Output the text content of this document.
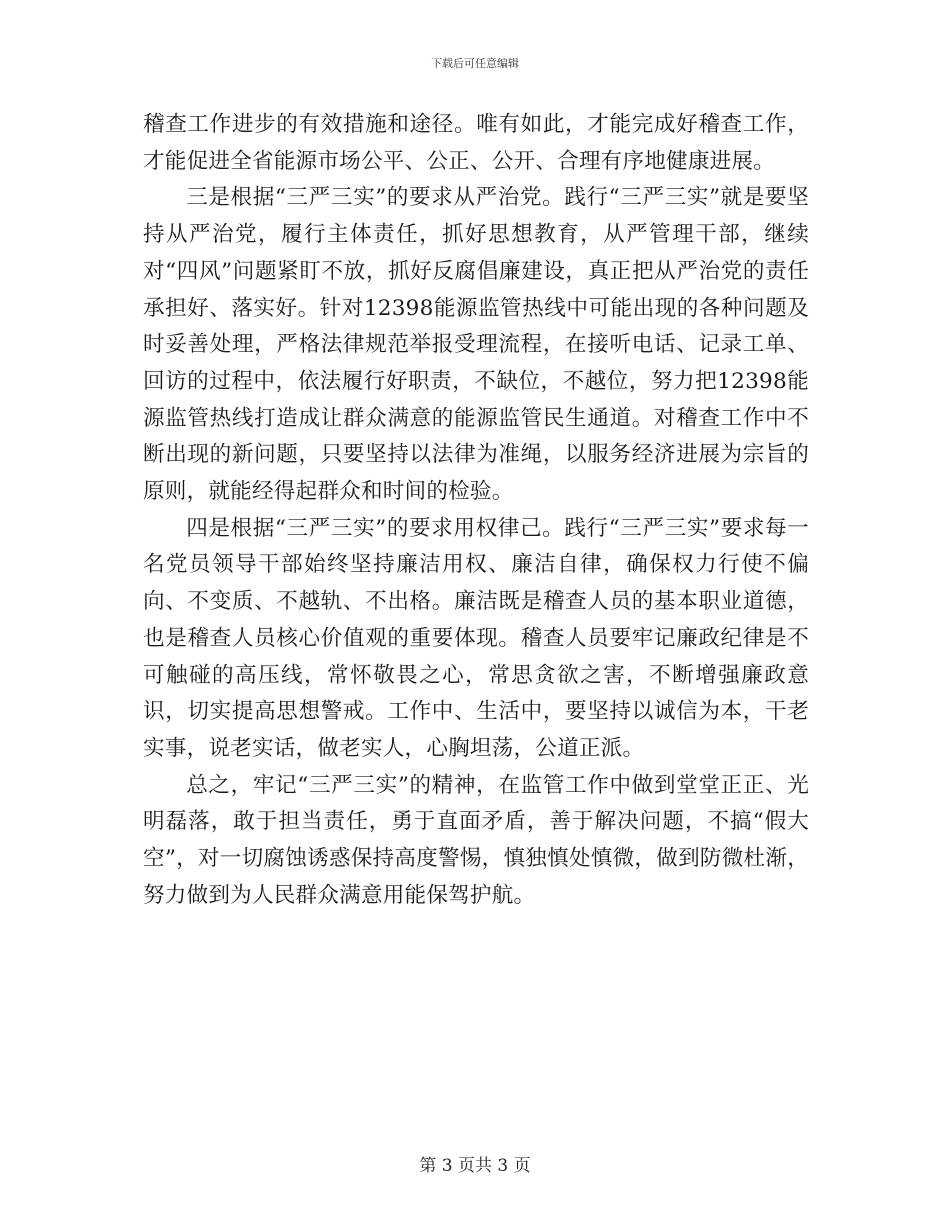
下载后可任意编辑

稽查工作进步的有效措施和途径。唯有如此，才能完成好稽查工作，才能促进全省能源市场公平、公正、公开、合理有序地健康进展。

三是根据“三严三实”的要求从严治党。践行“三严三实”就是要坚持从严治党，履行主体责任，抓好思想教育，从严管理干部，继续对“四风”问题紧盯不放，抓好反腐倡廉建设，真正把从严治党的责任承担好、落实好。针对12398能源监管热线中可能出现的各种问题及时妥善处理，严格法律规范举报受理流程，在接听电话、记录工单、回访的过程中，依法履行好职责，不缺位，不越位，努力把12398能源监管热线打造成让群众满意的能源监管民生通道。对稽查工作中不断出现的新问题，只要坚持以法律为准绳，以服务经济进展为宗旨的原则，就能经得起群众和时间的检验。

四是根据“三严三实”的要求用权律己。践行“三严三实”要求每一名党员领导干部始终坚持廉洁用权、廉洁自律，确保权力行使不偏向、不变质、不越轨、不出格。廉洁既是稽查人员的基本职业道德，也是稽查人员核心价值观的重要体现。稽查人员要牢记廉政纪律是不可触碰的高压线，常怀敬畏之心，常思贪欲之害，不断增强廉政意识，切实提高思想警戒。工作中、生活中，要坚持以诚信为本，干老实事，说老实话，做老实人，心胸坦荡，公道正派。

总之，牢记“三严三实”的精神，在监管工作中做到堂堂正正、光明磊落，敢于担当责任，勇于直面矛盾，善于解决问题，不搞“假大空”，对一切腐蚀诱惑保持高度警惕，慎独慎处慎微，做到防微杜渐，努力做到为人民群众满意用能保驾护航。

第 3 页共 3 页
